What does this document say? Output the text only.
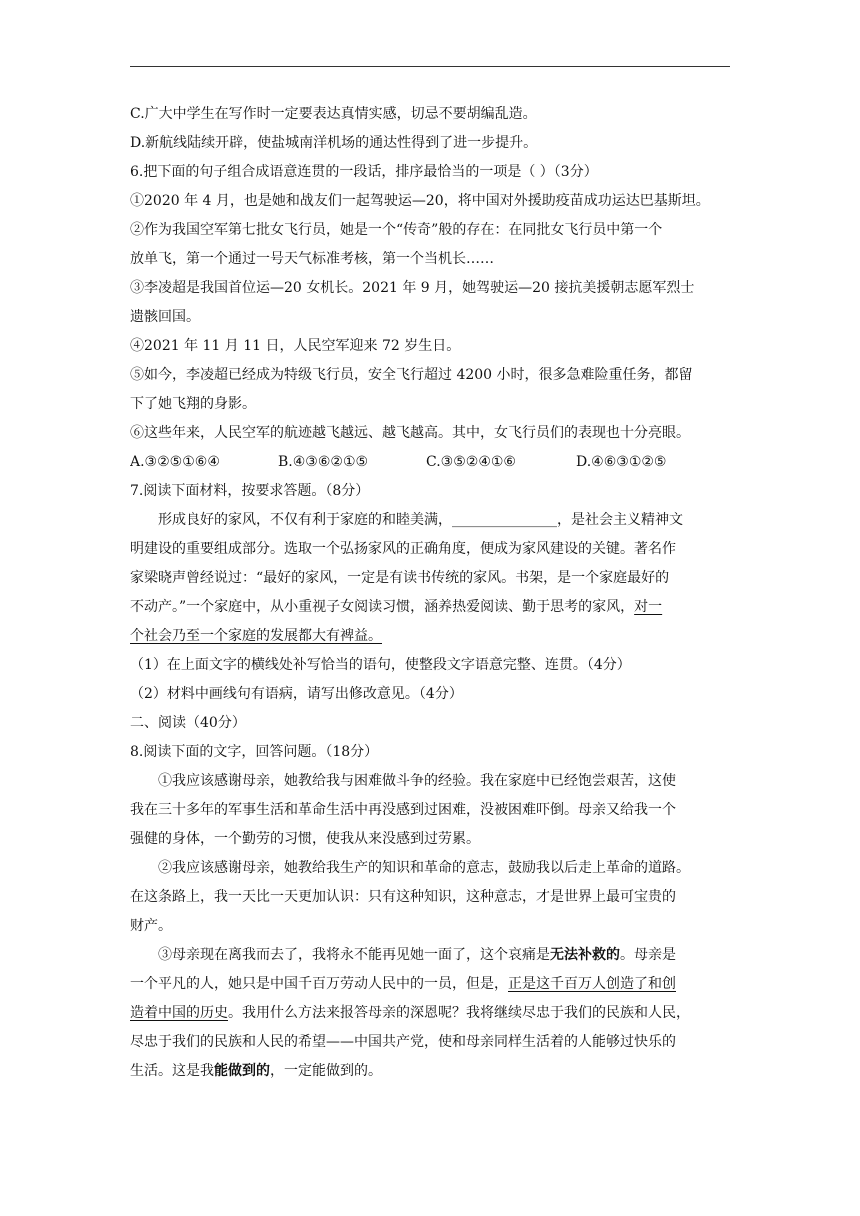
C.广大中学生在写作时一定要表达真情实感，切忌不要胡编乱造。
D.新航线陆续开辟，使盐城南洋机场的通达性得到了进一步提升。
6.把下面的句子组合成语意连贯的一段话，排序最恰当的一项是（ ）（3分）
①2020 年 4 月，也是她和战友们一起驾驶运—20，将中国对外援助疫苗成功运达巴基斯坦。
②作为我国空军第七批女飞行员，她是一个“传奇”般的存在：在同批女飞行员中第一个
放单飞，第一个通过一号天气标准考核，第一个当机长……
③李凌超是我国首位运—20 女机长。2021 年 9 月，她驾驶运—20 接抗美援朝志愿军烈士
遗骸回国。
④2021 年 11 月 11 日，人民空军迎来 72 岁生日。
⑤如今，李凌超已经成为特级飞行员，安全飞行超过 4200 小时，很多急难险重任务，都留
下了她飞翔的身影。
⑥这些年来，人民空军的航迹越飞越远、越飞越高。其中，女飞行员们的表现也十分亮眼。
A.③②⑤①⑥④	B.④③⑥②①⑤	C.③⑤②④①⑥	D.④⑥③①②⑤
7.阅读下面材料，按要求答题。（8分）
形成良好的家风，不仅有利于家庭的和睦美满，_______________，是社会主义精神文
明建设的重要组成部分。选取一个弘扬家风的正确角度，便成为家风建设的关键。著名作
家梁晓声曾经说过：“最好的家风，一定是有读书传统的家风。书架，是一个家庭最好的
不动产。”一个家庭中，从小重视子女阅读习惯，涵养热爱阅读、勤于思考的家风，对一
个社会乃至一个家庭的发展都大有裨益。
（1）在上面文字的横线处补写恰当的语句，使整段文字语意完整、连贯。（4分）
（2）材料中画线句有语病，请写出修改意见。（4分）
二、阅读（40分）
8.阅读下面的文字，回答问题。（18分）
①我应该感谢母亲，她教给我与困难做斗争的经验。我在家庭中已经饱尝艰苦，这使
我在三十多年的军事生活和革命生活中再没感到过困难，没被困难吓倒。母亲又给我一个
强健的身体，一个勤劳的习惯，使我从来没感到过劳累。
②我应该感谢母亲，她教给我生产的知识和革命的意志，鼓励我以后走上革命的道路。
在这条路上，我一天比一天更加认识：只有这种知识，这种意志，才是世界上最可宝贵的
财产。
③母亲现在离我而去了，我将永不能再见她一面了，这个哀痛是无法补救的。母亲是
一个平凡的人，她只是中国千百万劳动人民中的一员，但是，正是这千百万人创造了和创
造着中国的历史。我用什么方法来报答母亲的深恩呢？我将继续尽忠于我们的民族和人民，
尽忠于我们的民族和人民的希望——中国共产党，使和母亲同样生活着的人能够过快乐的
生活。这是我能做到的，一定能做到的。
